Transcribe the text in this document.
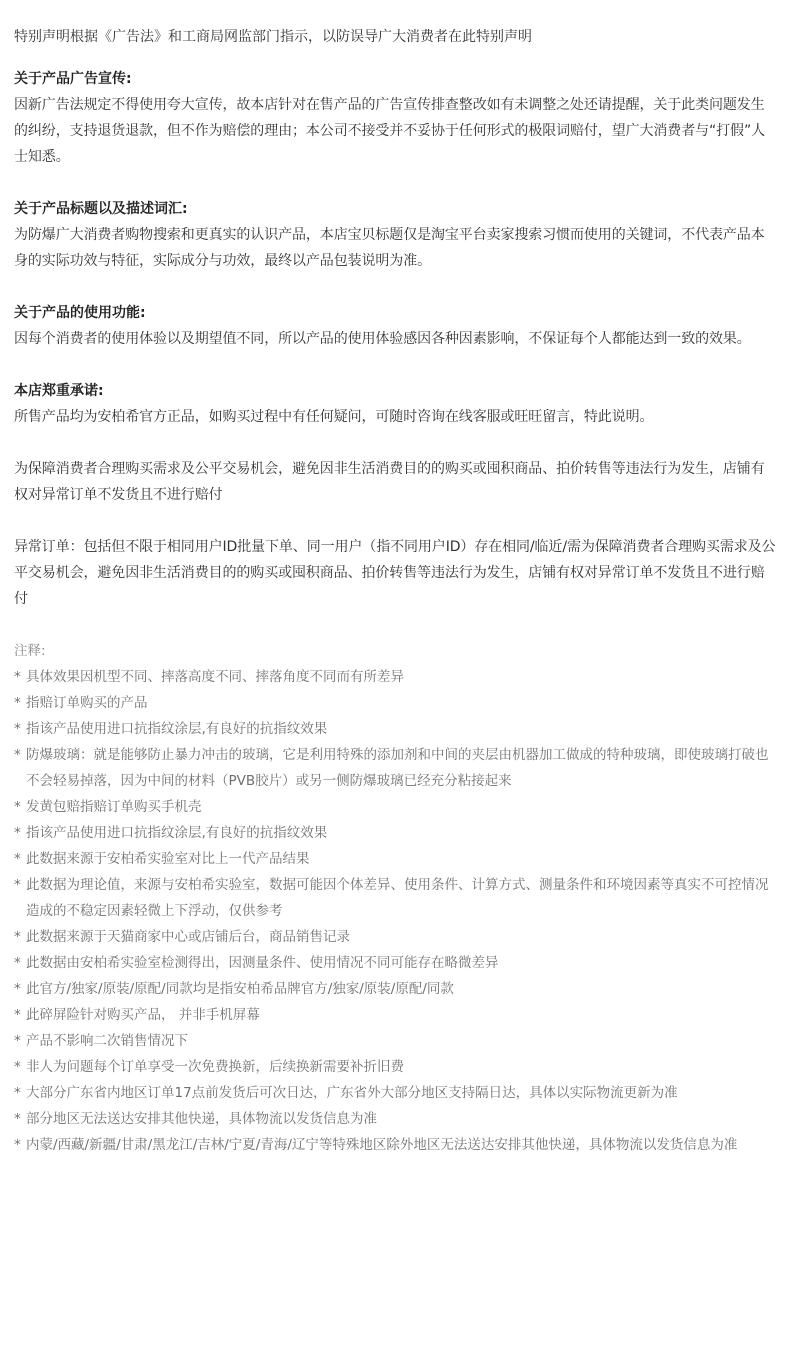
特别声明根据《广告法》和工商局网监部门指示，以防误导广大消费者在此特别声明

关于产品广告宣传:

因新广告法规定不得使用夸大宣传，故本店针对在售产品的广告宣传排查整改如有未调整之处还请提醒，关于此类问题发生的纠纷，支持退货退款，但不作为赔偿的理由；本公司不接受并不妥协于任何形式的极限词赔付，望广大消费者与“打假”人士知悉。

关于产品标题以及描述词汇:

为防爆广大消费者购物搜索和更真实的认识产品，本店宝贝标题仅是淘宝平台卖家搜索习惯而使用的关键词，不代表产品本身的实际功效与特征，实际成分与功效，最终以产品包装说明为准。

关于产品的使用功能:

因每个消费者的使用体验以及期望值不同，所以产品的使用体验感因各种因素影响，不保证每个人都能达到一致的效果。

本店郑重承诺:

所售产品均为安柏希官方正品，如购买过程中有任何疑问，可随时咨询在线客服或旺旺留言，特此说明。

为保障消费者合理购买需求及公平交易机会，避免因非生活消费目的的购买或囤积商品、拍价转售等违法行为发生，店铺有权对异常订单不发货且不进行赔付

异常订单：包括但不限于相同用户ID批量下单、同一用户（指不同用户ID）存在相同/临近/需为保障消费者合理购买需求及公平交易机会，避免因非生活消费目的的购买或囤积商品、拍价转售等违法行为发生，店铺有权对异常订单不发货且不进行赔付

注释:

* 具体效果因机型不同、摔落高度不同、摔落角度不同而有所差异
* 指赔订单购买的产品
* 指该产品使用进口抗指纹涂层,有良好的抗指纹效果
* 防爆玻璃：就是能够防止暴力冲击的玻璃，它是利用特殊的添加剂和中间的夹层由机器加工做成的特种玻璃，即使玻璃打破也不会轻易掉落，因为中间的材料（PVB胶片）或另一侧防爆玻璃已经充分粘接起来
* 发黄包赔指赔订单购买手机壳
* 指该产品使用进口抗指纹涂层,有良好的抗指纹效果
* 此数据来源于安柏希实验室对比上一代产品结果
* 此数据为理论值，来源与安柏希实验室，数据可能因个体差异、使用条件、计算方式、测量条件和环境因素等真实不可控情况造成的不稳定因素轻微上下浮动，仅供参考
* 此数据来源于天猫商家中心或店铺后台，商品销售记录
* 此数据由安柏希实验室检测得出，因测量条件、使用情况不同可能存在略微差异
* 此官方/独家/原装/原配/同款均是指安柏希品牌官方/独家/原装/原配/同款
* 此碎屏险针对购买产品， 并非手机屏幕
* 产品不影响二次销售情况下
* 非人为问题每个订单享受一次免费换新，后续换新需要补折旧费
* 大部分广东省内地区订单17点前发货后可次日达，广东省外大部分地区支持隔日达，具体以实际物流更新为准
* 部分地区无法送达安排其他快递，具体物流以发货信息为准
* 内蒙/西藏/新疆/甘肃/黑龙江/吉林/宁夏/青海/辽宁等特殊地区除外地区无法送达安排其他快递，具体物流以发货信息为准
